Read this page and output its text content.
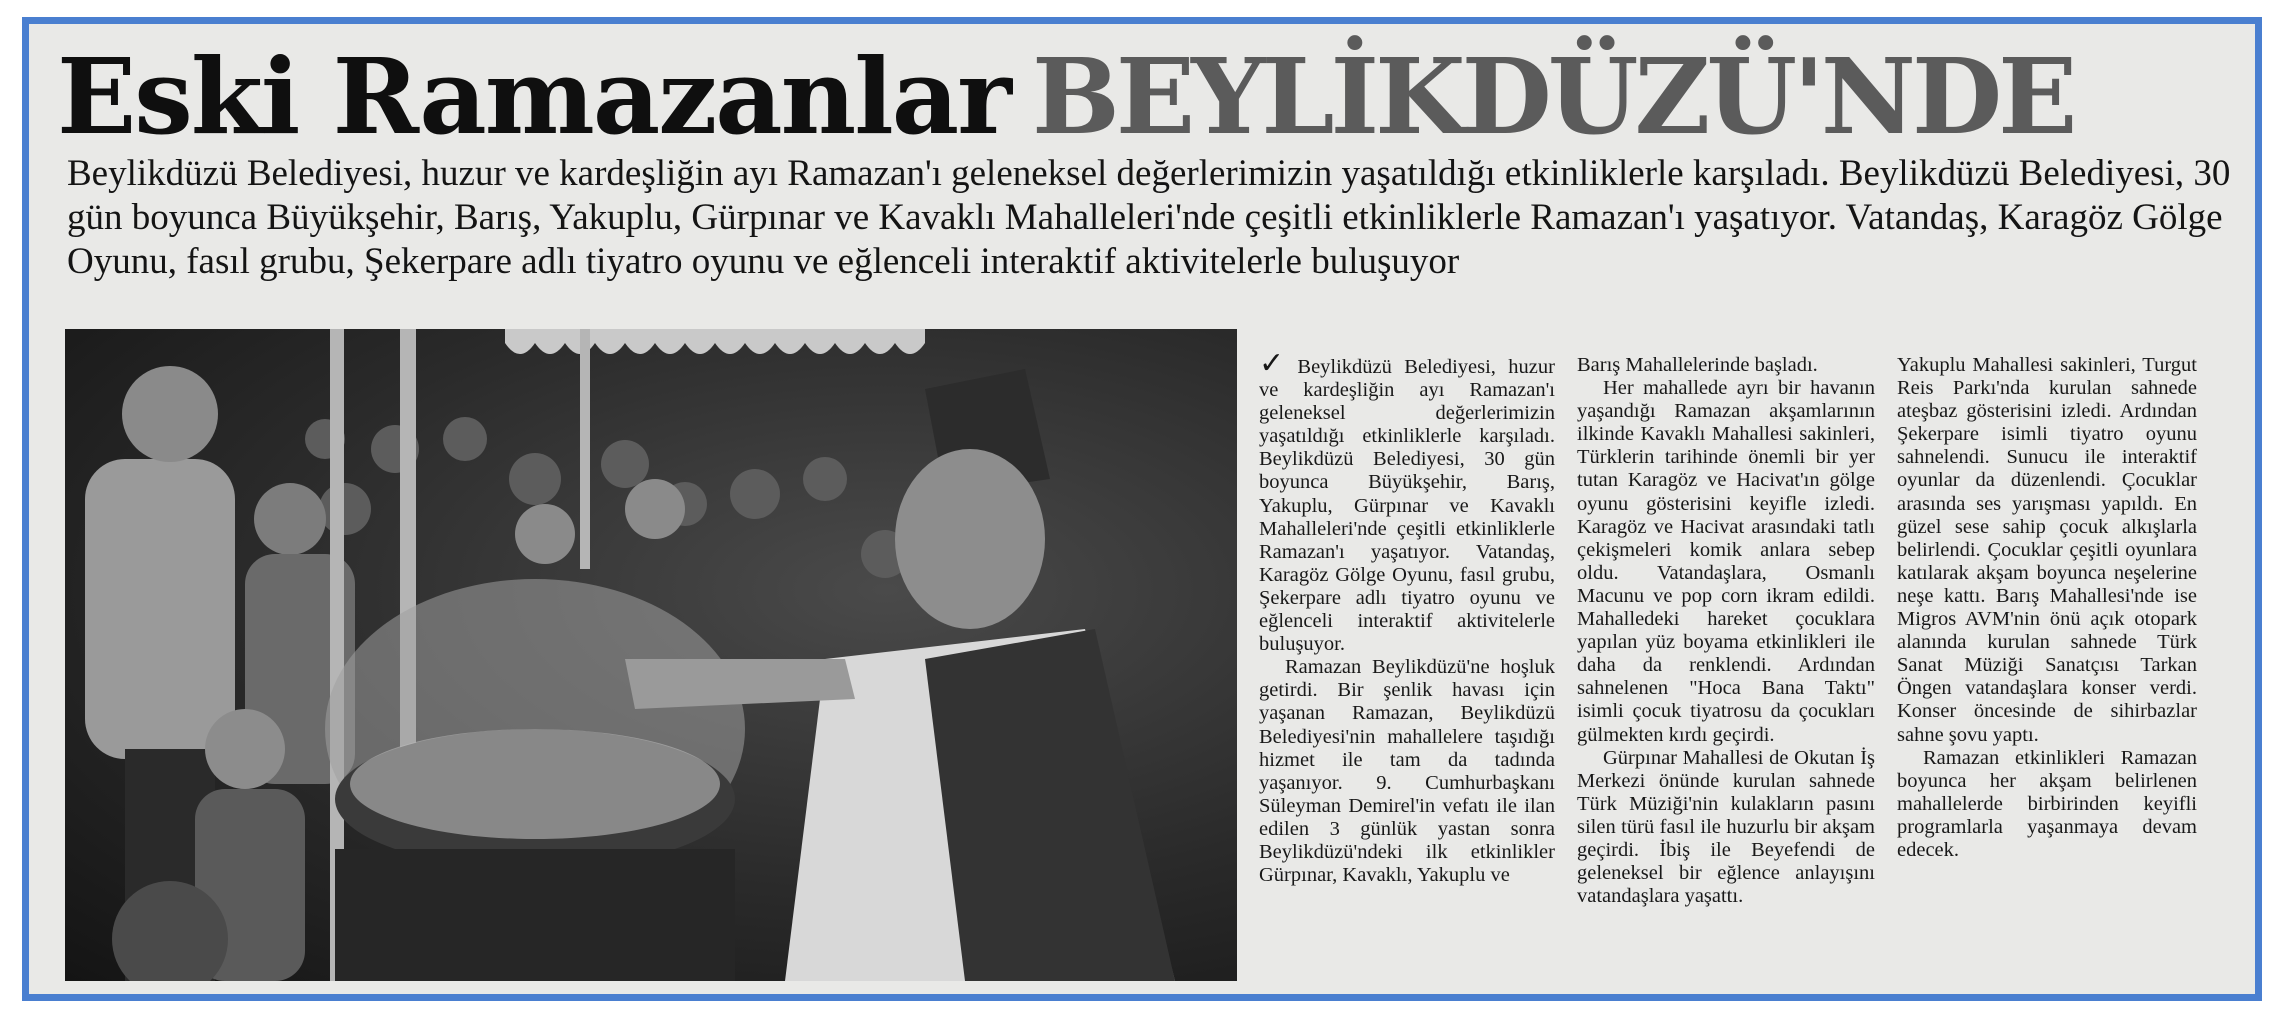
Eski Ramazanlar BEYLİKDÜZÜ'NDE

Beylikdüzü Belediyesi, huzur ve kardeşliğin ayı Ramazan'ı geleneksel değerlerimizin yaşatıldığı etkinliklerle karşıladı. Beylikdüzü Belediyesi, 30 gün boyunca Büyükşehir, Barış, Yakuplu, Gürpınar ve Kavaklı Mahalleleri'nde çeşitli etkinliklerle Ramazan'ı yaşatıyor. Vatandaş, Karagöz Gölge Oyunu, fasıl grubu, Şekerpare adlı tiyatro oyunu ve eğlenceli interaktif aktivitelerle buluşuyor

✓ Beylikdüzü Belediyesi, huzur ve kardeşliğin ayı Ramazan'ı geleneksel değerlerimizin yaşatıldığı etkinliklerle karşıladı. Beylikdüzü Belediyesi, 30 gün boyunca Büyükşehir, Barış, Yakuplu, Gürpınar ve Kavaklı Mahalleleri'nde çeşitli etkinliklerle Ramazan'ı yaşatıyor. Vatandaş, Karagöz Gölge Oyunu, fasıl grubu, Şekerpare adlı tiyatro oyunu ve eğlenceli interaktif aktivitelerle buluşuyor.

Ramazan Beylikdüzü'ne hoşluk getirdi. Bir şenlik havası için yaşanan Ramazan, Beylikdüzü Belediyesi'nin mahallelere taşıdığı hizmet ile tam da tadında yaşanıyor. 9. Cumhurbaşkanı Süleyman Demirel'in vefatı ile ilan edilen 3 günlük yastan sonra Beylikdüzü'ndeki ilk etkinlikler Gürpınar, Kavaklı, Yakuplu ve

Barış Mahallelerinde başladı.

Her mahallede ayrı bir havanın yaşandığı Ramazan akşamlarının ilkinde Kavaklı Mahallesi sakinleri, Türklerin tarihinde önemli bir yer tutan Karagöz ve Hacivat'ın gölge oyunu gösterisini keyifle izledi. Karagöz ve Hacivat arasındaki tatlı çekişmeleri komik anlara sebep oldu. Vatandaşlara, Osmanlı Macunu ve pop corn ikram edildi. Mahalledeki hareket çocuklara yapılan yüz boyama etkinlikleri ile daha da renklendi. Ardından sahnelenen "Hoca Bana Taktı" isimli çocuk tiyatrosu da çocukları gülmekten kırdı geçirdi.

Gürpınar Mahallesi de Okutan İş Merkezi önünde kurulan sahnede Türk Müziği'nin kulakların pasını silen türü fasıl ile huzurlu bir akşam geçirdi. İbiş ile Beyefendi de geleneksel bir eğlence anlayışını vatandaşlara yaşattı.

Yakuplu Mahallesi sakinleri, Turgut Reis Parkı'nda kurulan sahnede ateşbaz gösterisini izledi. Ardından Şekerpare isimli tiyatro oyunu sahnelendi. Sunucu ile interaktif oyunlar da düzenlendi. Çocuklar arasında ses yarışması yapıldı. En güzel sese sahip çocuk alkışlarla belirlendi. Çocuklar çeşitli oyunlara katılarak akşam boyunca neşelerine neşe kattı. Barış Mahallesi'nde ise Migros AVM'nin önü açık otopark alanında kurulan sahnede Türk Sanat Müziği Sanatçısı Tarkan Öngen vatandaşlara konser verdi. Konser öncesinde de sihirbazlar sahne şovu yaptı.

Ramazan etkinlikleri Ramazan boyunca her akşam belirlenen mahallelerde birbirinden keyifli programlarla yaşanmaya devam edecek.
